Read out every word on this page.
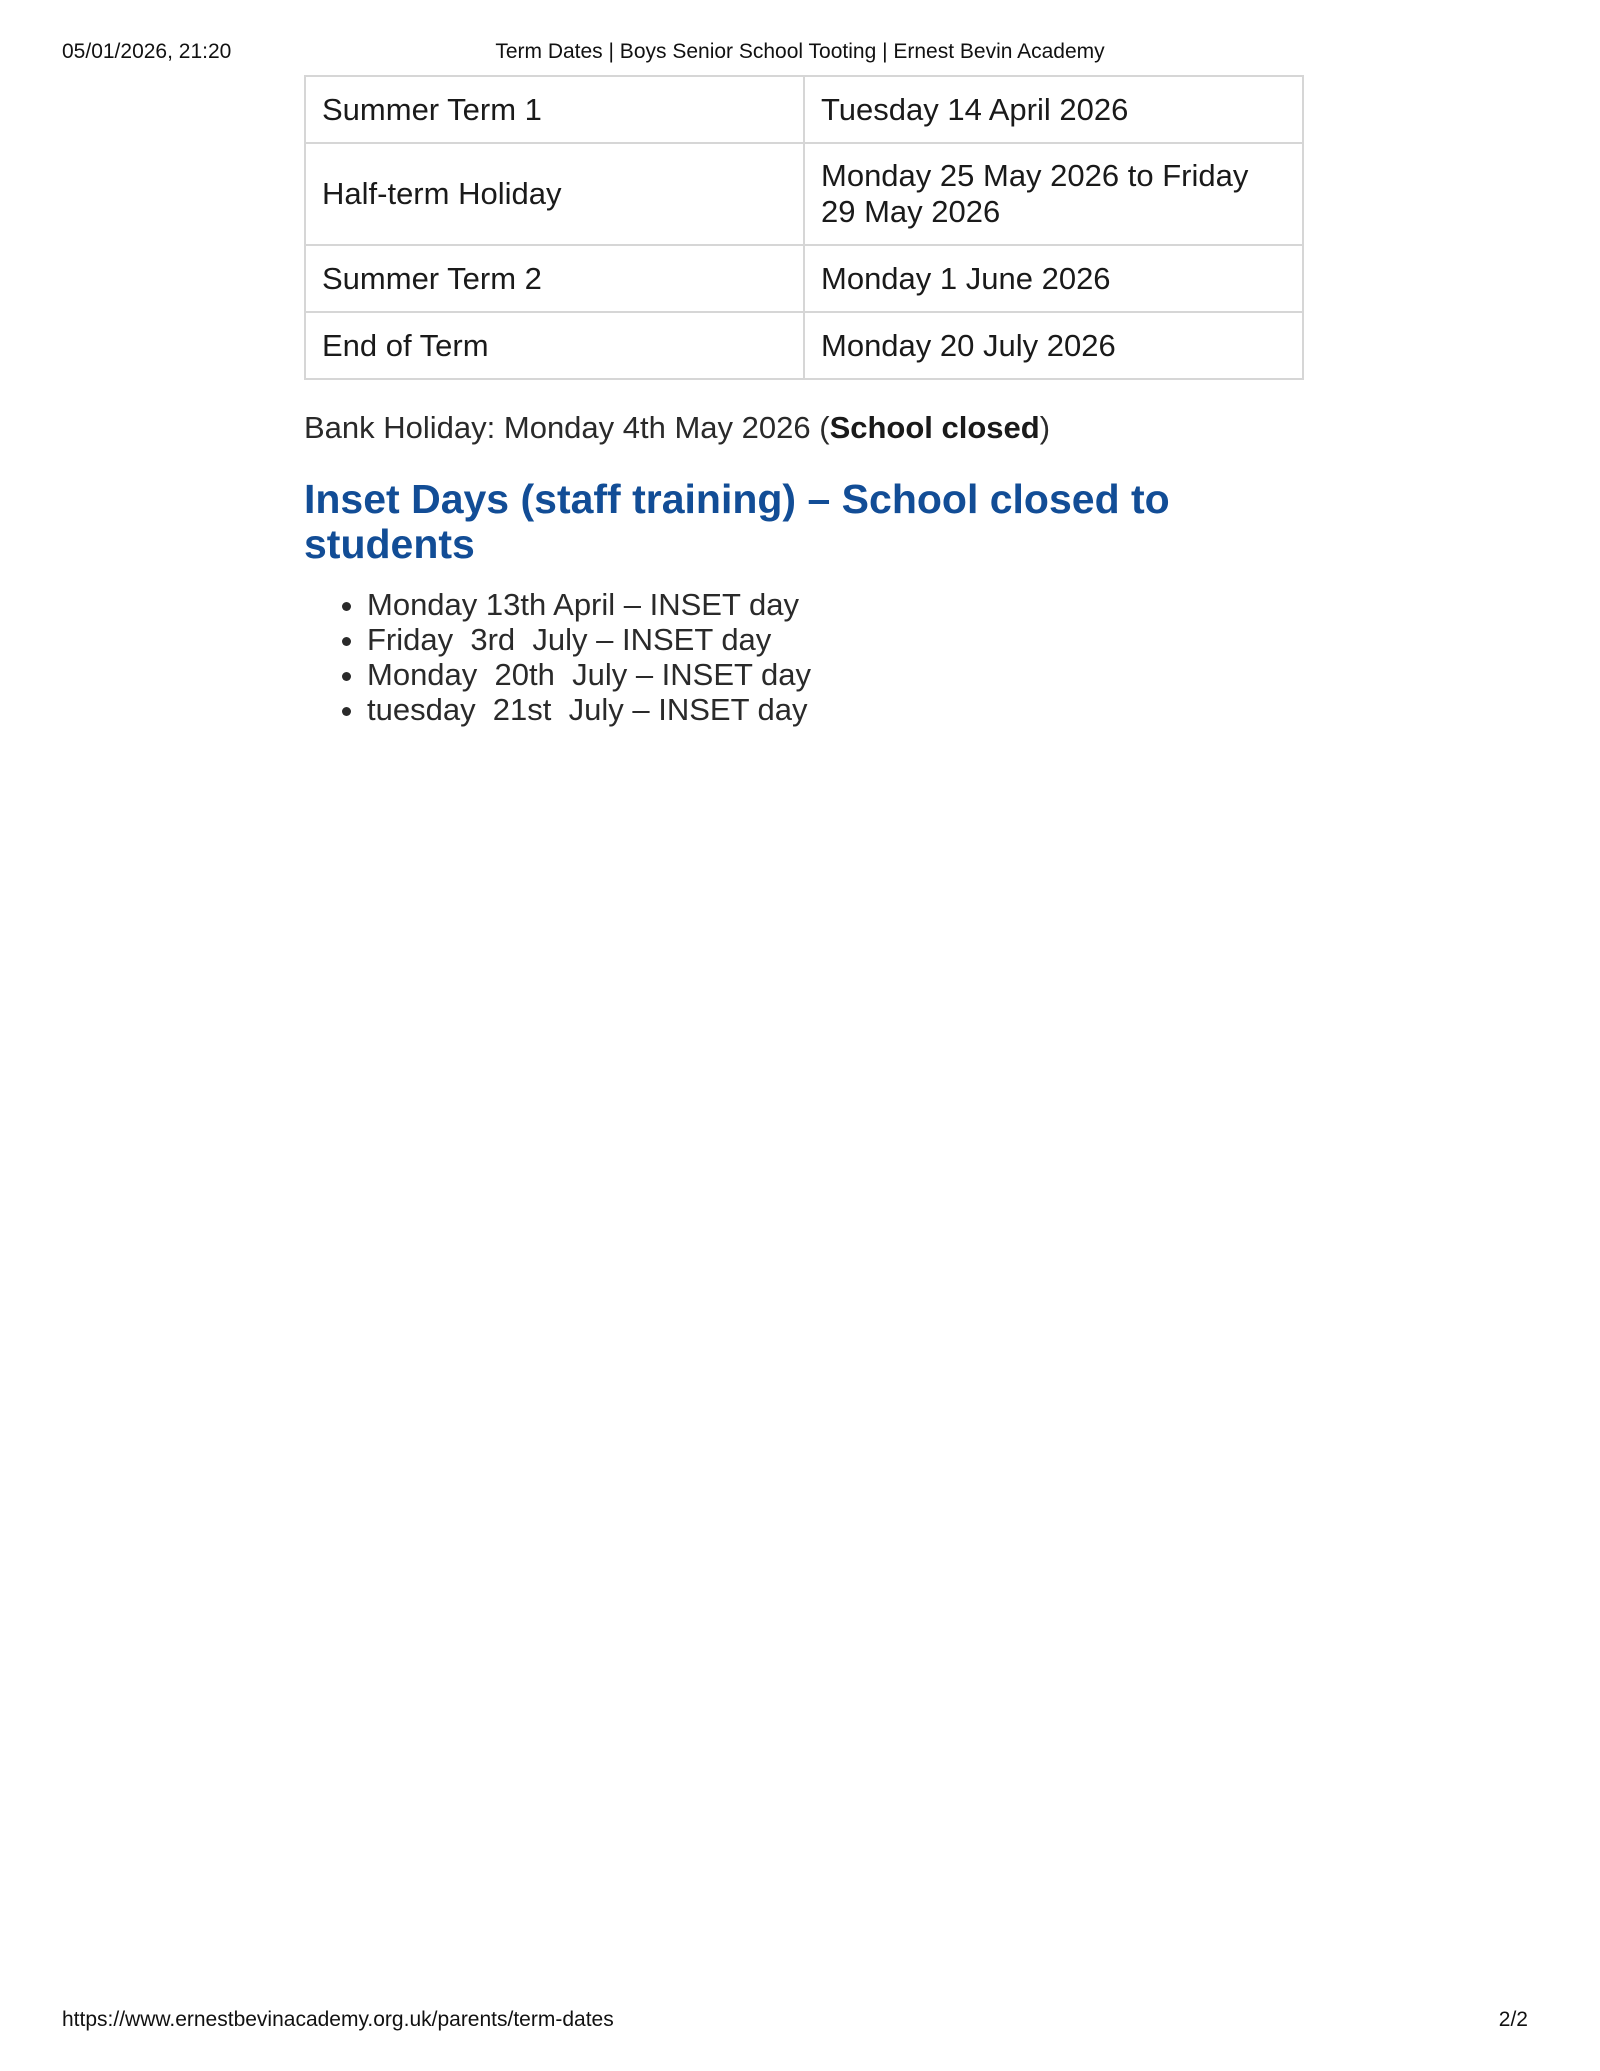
05/01/2026, 21:20	Term Dates | Boys Senior School Tooting | Ernest Bevin Academy
Summer Term 1	Tuesday 14 April 2026
Half-term Holiday	Monday 25 May 2026 to Friday 29 May 2026
Summer Term 2	Monday 1 June 2026
End of Term	Monday 20 July 2026

Bank Holiday: Monday 4th May 2026 (School closed)

Inset Days (staff training) – School closed to students
• Monday 13th April – INSET day
• Friday  3rd  July – INSET day
• Monday  20th  July – INSET day
• tuesday  21st  July – INSET day
https://www.ernestbevinacademy.org.uk/parents/term-dates	2/2
